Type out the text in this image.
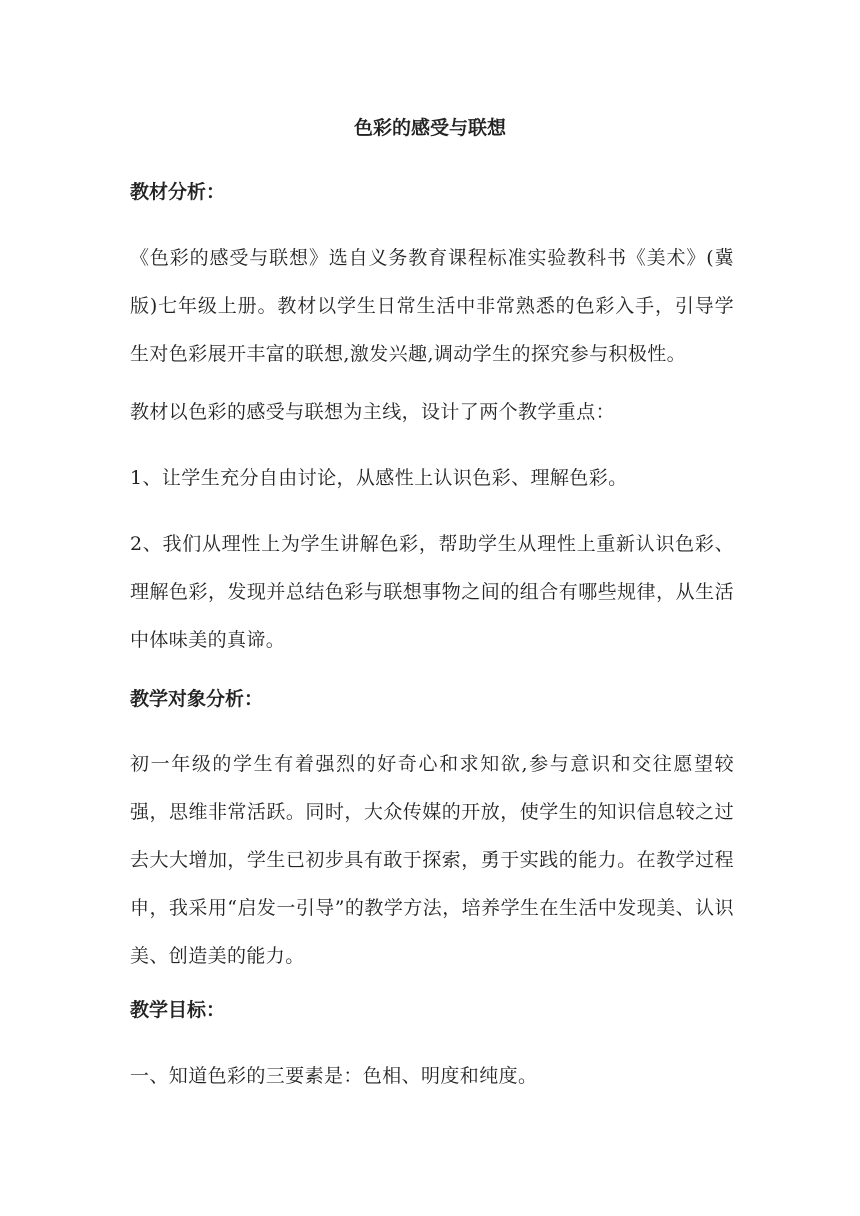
色彩的感受与联想
教材分析：
《色彩的感受与联想》选自义务教育课程标准实验教科书《美术》(冀版)七年级上册。教材以学生日常生活中非常熟悉的色彩入手，引导学生对色彩展开丰富的联想,激发兴趣,调动学生的探究参与积极性。
教材以色彩的感受与联想为主线，设计了两个教学重点：
1、让学生充分自由讨论，从感性上认识色彩、理解色彩。
2、我们从理性上为学生讲解色彩，帮助学生从理性上重新认识色彩、理解色彩，发现并总结色彩与联想事物之间的组合有哪些规律，从生活中体味美的真谛。
教学对象分析：
初一年级的学生有着强烈的好奇心和求知欲,参与意识和交往愿望较强，思维非常活跃。同时，大众传媒的开放，使学生的知识信息较之过去大大增加，学生已初步具有敢于探索，勇于实践的能力。在教学过程申，我采用“启发一引导”的教学方法，培养学生在生活中发现美、认识美、创造美的能力。
教学目标：
一、知道色彩的三要素是：色相、明度和纯度。
